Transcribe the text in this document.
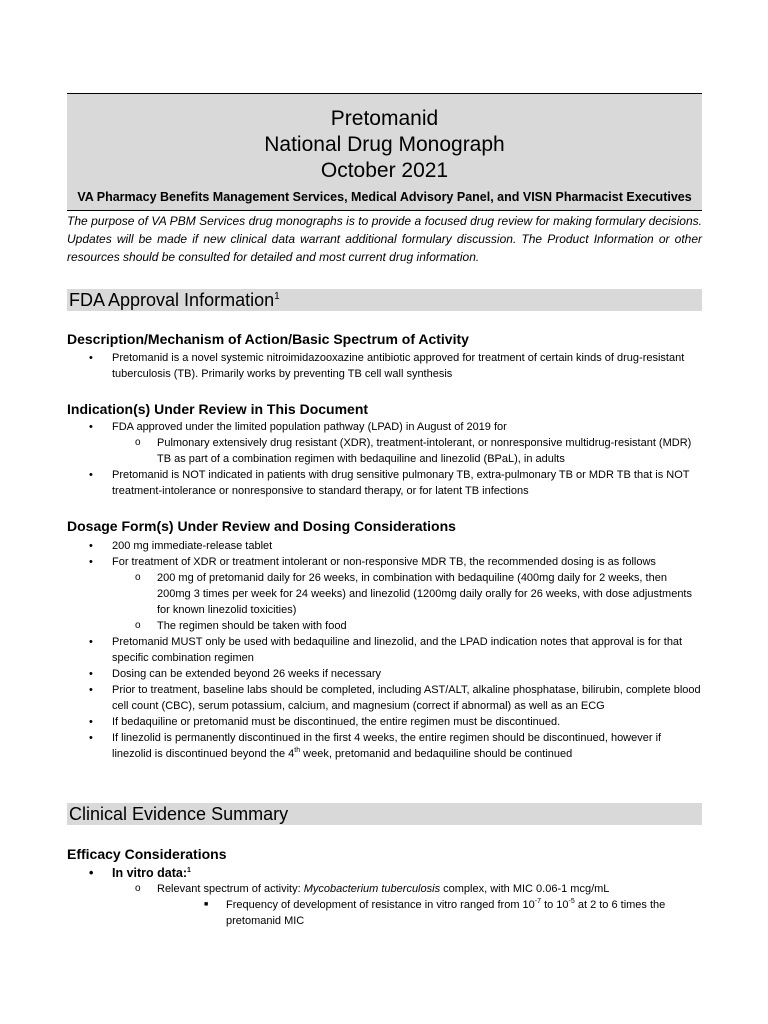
Pretomanid
National Drug Monograph
October 2021
VA Pharmacy Benefits Management Services, Medical Advisory Panel, and VISN Pharmacist Executives
The purpose of VA PBM Services drug monographs is to provide a focused drug review for making formulary decisions. Updates will be made if new clinical data warrant additional formulary discussion. The Product Information or other resources should be consulted for detailed and most current drug information.
FDA Approval Information$^1$
Description/Mechanism of Action/Basic Spectrum of Activity
• Pretomanid is a novel systemic nitroimidazooxazine antibiotic approved for treatment of certain kinds of drug-resistant tuberculosis (TB). Primarily works by preventing TB cell wall synthesis
Indication(s) Under Review in This Document
• FDA approved under the limited population pathway (LPAD) in August of 2019 for
o Pulmonary extensively drug resistant (XDR), treatment-intolerant, or nonresponsive multidrug-resistant (MDR) TB as part of a combination regimen with bedaquiline and linezolid (BPaL), in adults
• Pretomanid is NOT indicated in patients with drug sensitive pulmonary TB, extra-pulmonary TB or MDR TB that is NOT treatment-intolerance or nonresponsive to standard therapy, or for latent TB infections
Dosage Form(s) Under Review and Dosing Considerations
• 200 mg immediate-release tablet
• For treatment of XDR or treatment intolerant or non-responsive MDR TB, the recommended dosing is as follows
o 200 mg of pretomanid daily for 26 weeks, in combination with bedaquiline (400mg daily for 2 weeks, then 200mg 3 times per week for 24 weeks) and linezolid (1200mg daily orally for 26 weeks, with dose adjustments for known linezolid toxicities)
o The regimen should be taken with food
• Pretomanid MUST only be used with bedaquiline and linezolid, and the LPAD indication notes that approval is for that specific combination regimen
• Dosing can be extended beyond 26 weeks if necessary
• Prior to treatment, baseline labs should be completed, including AST/ALT, alkaline phosphatase, bilirubin, complete blood cell count (CBC), serum potassium, calcium, and magnesium (correct if abnormal) as well as an ECG
• If bedaquiline or pretomanid must be discontinued, the entire regimen must be discontinued.
• If linezolid is permanently discontinued in the first 4 weeks, the entire regimen should be discontinued, however if linezolid is discontinued beyond the 4th week, pretomanid and bedaquiline should be continued
Clinical Evidence Summary
Efficacy Considerations
• In vitro data:$^1$
o Relevant spectrum of activity: Mycobacterium tuberculosis complex, with MIC 0.06-1 mcg/mL
■ Frequency of development of resistance in vitro ranged from $10^{-7}$ to $10^{-5}$ at 2 to 6 times the pretomanid MIC
